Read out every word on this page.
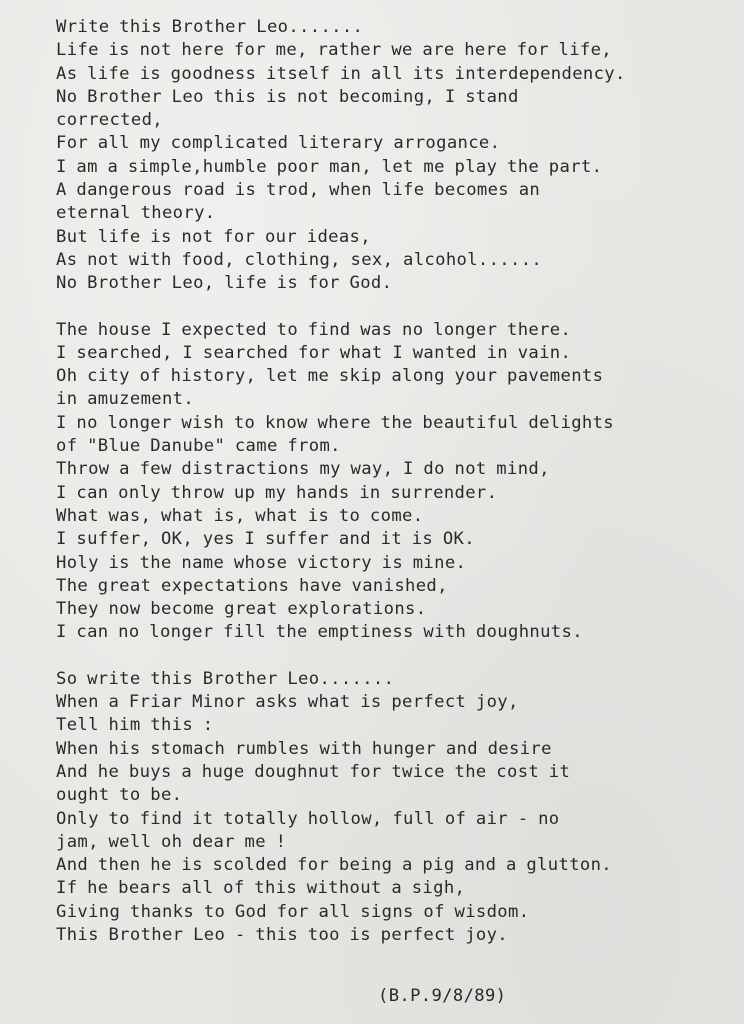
Write this Brother Leo.......
Life is not here for me, rather we are here for life,
As life is goodness itself in all its interdependency.
No Brother Leo this is not becoming, I stand
corrected,
For all my complicated literary arrogance.
I am a simple,humble poor man, let me play the part.
A dangerous road is trod, when life becomes an
eternal theory.
But life is not for our ideas,
As not with food, clothing, sex, alcohol......
No Brother Leo, life is for God.
The house I expected to find was no longer there.
I searched, I searched for what I wanted in vain.
Oh city of history, let me skip along your pavements
in amuzement.
I no longer wish to know where the beautiful delights
of "Blue Danube" came from.
Throw a few distractions my way, I do not mind,
I can only throw up my hands in surrender.
What was, what is, what is to come.
I suffer, OK, yes I suffer and it is OK.
Holy is the name whose victory is mine.
The great expectations have vanished,
They now become great explorations.
I can no longer fill the emptiness with doughnuts.
So write this Brother Leo.......
When a Friar Minor asks what is perfect joy,
Tell him this :
When his stomach rumbles with hunger and desire
And he buys a huge doughnut for twice the cost it
ought to be.
Only to find it totally hollow, full of air - no
jam, well oh dear me !
And then he is scolded for being a pig and a glutton.
If he bears all of this without a sigh,
Giving thanks to God for all signs of wisdom.
This Brother Leo - this too is perfect joy.
(B.P.9/8/89)
